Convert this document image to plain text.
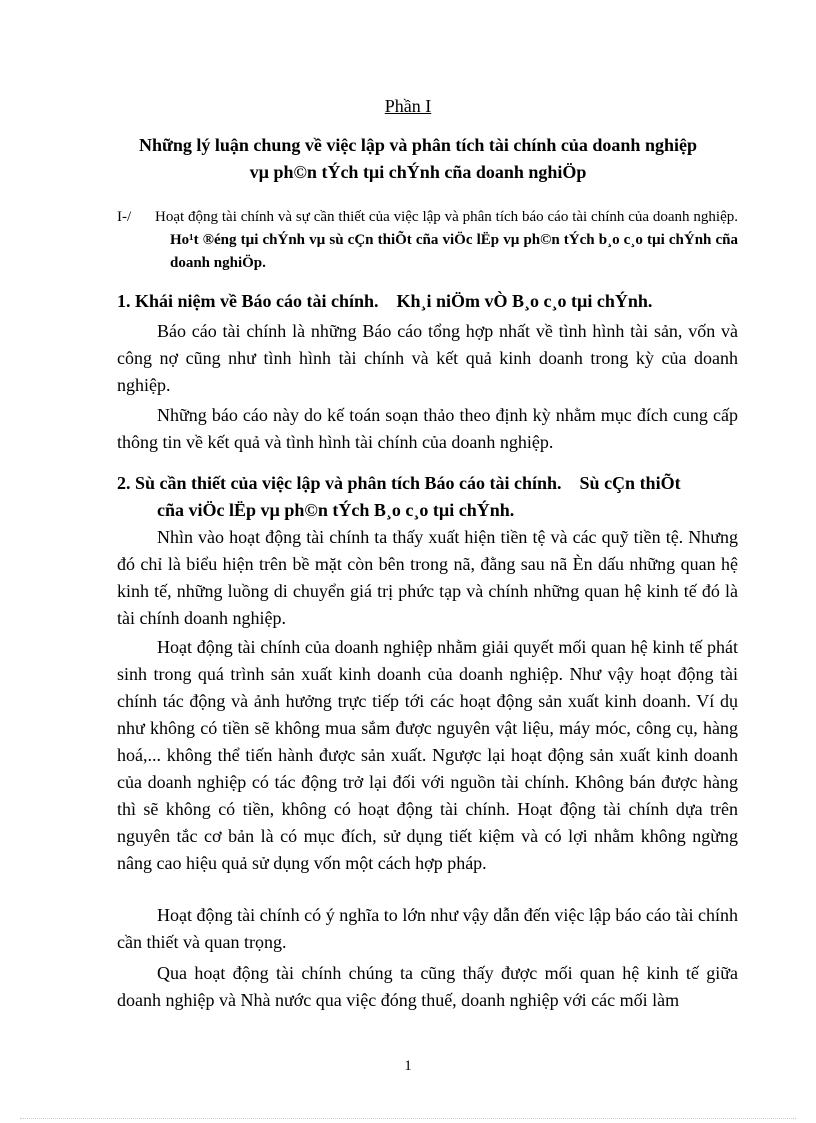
Phần I
Những lý luận chung về việc lập và phân tích tài chính của doanh nghiệp
vµ ph©n tÝch tµi chÝnh cña doanh nghiÖp
I-/	Hoạt động tài chính và sự cần thiết của việc lập và phân tích báo cáo tài chính của doanh nghiệp. Ho¹t ®éng tµi chÝnh vµ sù cÇn thiÕt cña viÖc lËp vµ ph©n tÝch b¸o c¸o tµi chÝnh cña doanh nghiÖp.
1. Khái niệm về Báo cáo tài chính. Kh¸i niÖm vÒ B¸o c¸o tµi chÝnh.
Báo cáo tài chính là những Báo cáo tổng hợp nhất về tình hình tài sản, vốn và công nợ cũng như tình hình tài chính và kết quả kinh doanh trong kỳ của doanh nghiệp.
Những báo cáo này do kế toán soạn thảo theo định kỳ nhằm mục đích cung cấp thông tin về kết quả và tình hình tài chính của doanh nghiệp.
2. Sù cần thiết của việc lập và phân tích Báo cáo tài chính. Sù cÇn thiÕt
cña viÖc lËp vµ ph©n tÝch B¸o c¸o tµi chÝnh.
Nhìn vào hoạt động tài chính ta thấy xuất hiện tiền tệ và các quỹ tiền tệ. Nhưng đó chỉ là biểu hiện trên bề mặt còn bên trong nã, đằng sau nã Èn dấu những quan hệ kinh tế, những luồng di chuyển giá trị phức tạp và chính những quan hệ kinh tế đó là tài chính doanh nghiệp.
Hoạt động tài chính của doanh nghiệp nhằm giải quyết mối quan hệ kinh tế phát sinh trong quá trình sản xuất kinh doanh của doanh nghiệp. Như vậy hoạt động tài chính tác động và ảnh hưởng trực tiếp tới các hoạt động sản xuất kinh doanh. Ví dụ như không có tiền sẽ không mua sắm được nguyên vật liệu, máy móc, công cụ, hàng hoá,... không thể tiến hành được sản xuất. Ngược lại hoạt động sản xuất kinh doanh của doanh nghiệp có tác động trở lại đối với nguồn tài chính. Không bán được hàng thì sẽ không có tiền, không có hoạt động tài chính. Hoạt động tài chính dựa trên nguyên tắc cơ bản là có mục đích, sử dụng tiết kiệm và có lợi nhằm không ngừng nâng cao hiệu quả sử dụng vốn một cách hợp pháp.
Hoạt động tài chính có ý nghĩa to lớn như vậy dẫn đến việc lập báo cáo tài chính cần thiết và quan trọng.
Qua hoạt động tài chính chúng ta cũng thấy được mối quan hệ kinh tế giữa doanh nghiệp và Nhà nước qua việc đóng thuế, doanh nghiệp với các mối làm
1
